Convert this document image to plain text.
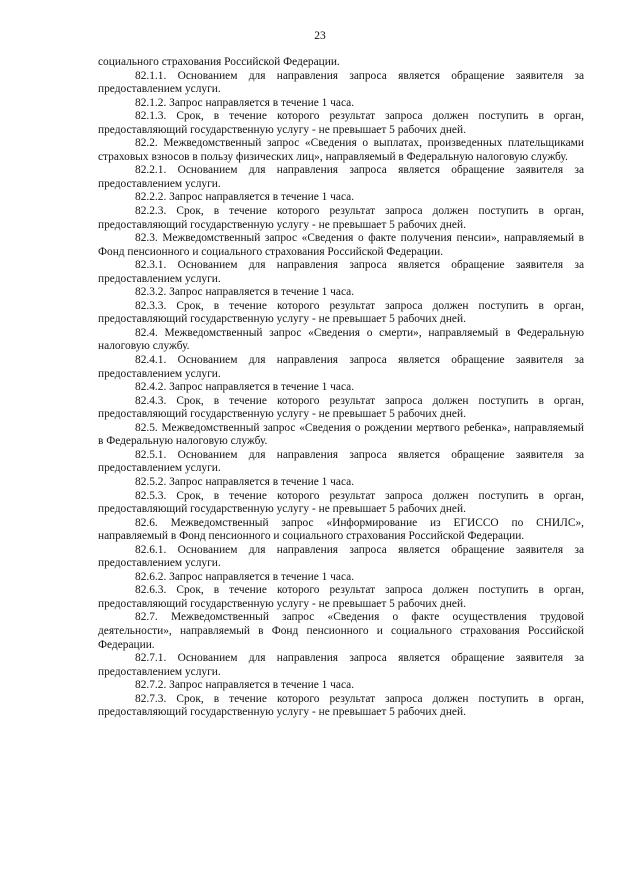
23

социального страхования Российской Федерации.

82.1.1. Основанием для направления запроса является обращение заявителя за предоставлением услуги.

82.1.2. Запрос направляется в течение 1 часа.

82.1.3. Срок, в течение которого результат запроса должен поступить в орган, предоставляющий государственную услугу - не превышает 5 рабочих дней.

82.2. Межведомственный запрос «Сведения о выплатах, произведенных плательщиками страховых взносов в пользу физических лиц», направляемый в Федеральную налоговую службу.

82.2.1. Основанием для направления запроса является обращение заявителя за предоставлением услуги.

82.2.2. Запрос направляется в течение 1 часа.

82.2.3. Срок, в течение которого результат запроса должен поступить в орган, предоставляющий государственную услугу - не превышает 5 рабочих дней.

82.3. Межведомственный запрос «Сведения о факте получения пенсии», направляемый в Фонд пенсионного и социального страхования Российской Федерации.

82.3.1. Основанием для направления запроса является обращение заявителя за предоставлением услуги.

82.3.2. Запрос направляется в течение 1 часа.

82.3.3. Срок, в течение которого результат запроса должен поступить в орган, предоставляющий государственную услугу - не превышает 5 рабочих дней.

82.4. Межведомственный запрос «Сведения о смерти», направляемый в Федеральную налоговую службу.

82.4.1. Основанием для направления запроса является обращение заявителя за предоставлением услуги.

82.4.2. Запрос направляется в течение 1 часа.

82.4.3. Срок, в течение которого результат запроса должен поступить в орган, предоставляющий государственную услугу - не превышает 5 рабочих дней.

82.5. Межведомственный запрос «Сведения о рождении мертвого ребенка», направляемый в Федеральную налоговую службу.

82.5.1. Основанием для направления запроса является обращение заявителя за предоставлением услуги.

82.5.2. Запрос направляется в течение 1 часа.

82.5.3. Срок, в течение которого результат запроса должен поступить в орган, предоставляющий государственную услугу - не превышает 5 рабочих дней.

82.6. Межведомственный запрос «Информирование из ЕГИССО по СНИЛС», направляемый в Фонд пенсионного и социального страхования Российской Федерации.

82.6.1. Основанием для направления запроса является обращение заявителя за предоставлением услуги.

82.6.2. Запрос направляется в течение 1 часа.

82.6.3. Срок, в течение которого результат запроса должен поступить в орган, предоставляющий государственную услугу - не превышает 5 рабочих дней.

82.7. Межведомственный запрос «Сведения о факте осуществления трудовой деятельности», направляемый в Фонд пенсионного и социального страхования Российской Федерации.

82.7.1. Основанием для направления запроса является обращение заявителя за предоставлением услуги.

82.7.2. Запрос направляется в течение 1 часа.

82.7.3. Срок, в течение которого результат запроса должен поступить в орган, предоставляющий государственную услугу - не превышает 5 рабочих дней.
